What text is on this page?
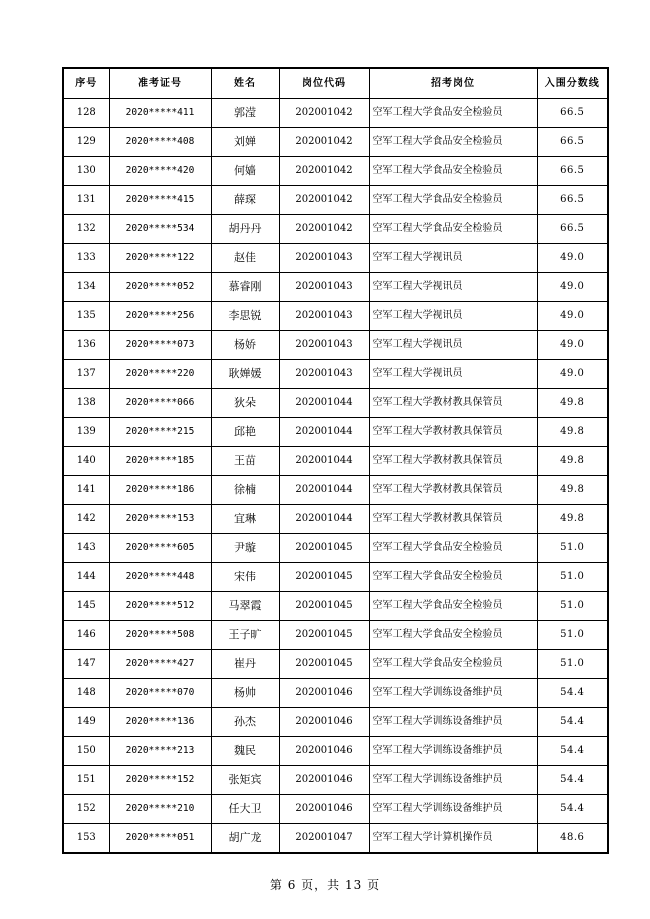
序号	准考证号	姓名	岗位代码	招考岗位	入围分数线
128	2020*****411	郭滢	202001042	空军工程大学食品安全检验员	66.5
129	2020*****408	刘婵	202001042	空军工程大学食品安全检验员	66.5
130	2020*****420	何嫱	202001042	空军工程大学食品安全检验员	66.5
131	2020*****415	薛琛	202001042	空军工程大学食品安全检验员	66.5
132	2020*****534	胡丹丹	202001042	空军工程大学食品安全检验员	66.5
133	2020*****122	赵佳	202001043	空军工程大学视讯员	49.0
134	2020*****052	慕睿刚	202001043	空军工程大学视讯员	49.0
135	2020*****256	李思锐	202001043	空军工程大学视讯员	49.0
136	2020*****073	杨娇	202001043	空军工程大学视讯员	49.0
137	2020*****220	耿婵媛	202001043	空军工程大学视讯员	49.0
138	2020*****066	狄朵	202001044	空军工程大学教材教具保管员	49.8
139	2020*****215	邱艳	202001044	空军工程大学教材教具保管员	49.8
140	2020*****185	王苗	202001044	空军工程大学教材教具保管员	49.8
141	2020*****186	徐楠	202001044	空军工程大学教材教具保管员	49.8
142	2020*****153	宜琳	202001044	空军工程大学教材教具保管员	49.8
143	2020*****605	尹璇	202001045	空军工程大学食品安全检验员	51.0
144	2020*****448	宋伟	202001045	空军工程大学食品安全检验员	51.0
145	2020*****512	马翠霞	202001045	空军工程大学食品安全检验员	51.0
146	2020*****508	王子旷	202001045	空军工程大学食品安全检验员	51.0
147	2020*****427	崔丹	202001045	空军工程大学食品安全检验员	51.0
148	2020*****070	杨帅	202001046	空军工程大学训练设备维护员	54.4
149	2020*****136	孙杰	202001046	空军工程大学训练设备维护员	54.4
150	2020*****213	魏民	202001046	空军工程大学训练设备维护员	54.4
151	2020*****152	张矩宾	202001046	空军工程大学训练设备维护员	54.4
152	2020*****210	任大卫	202001046	空军工程大学训练设备维护员	54.4
153	2020*****051	胡广龙	202001047	空军工程大学计算机操作员	48.6
第 6 页，共 13 页
